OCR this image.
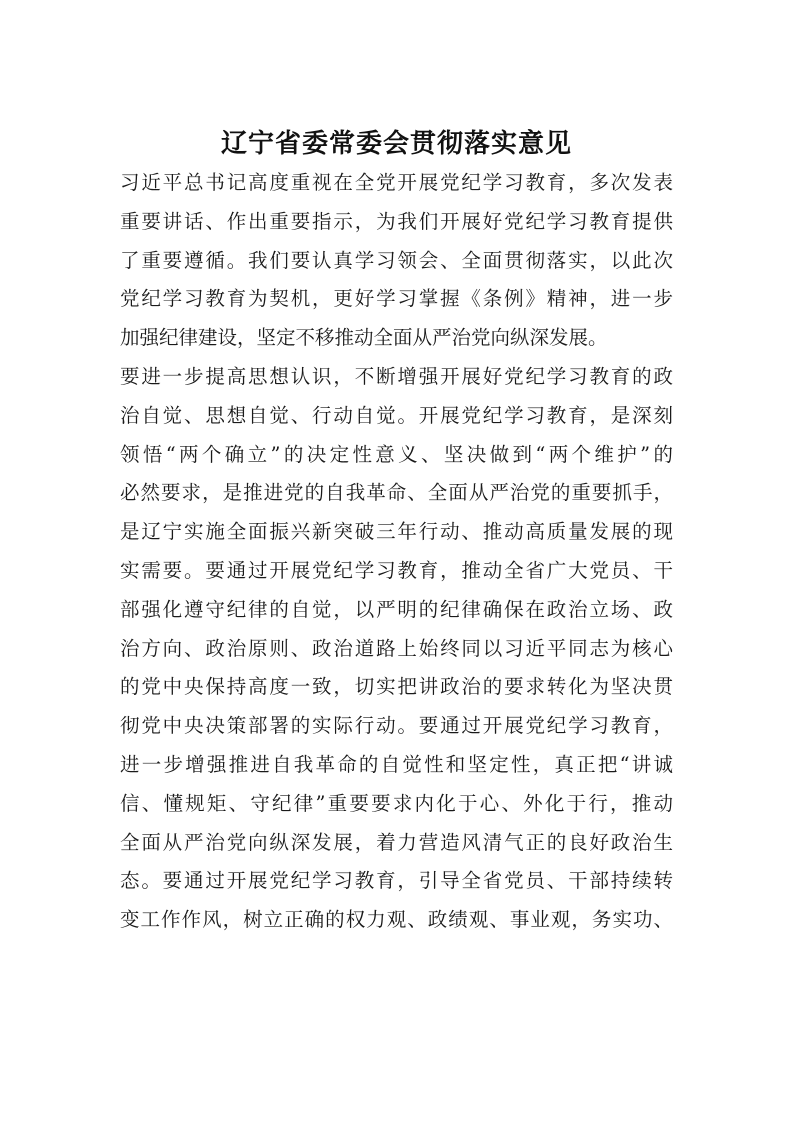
辽宁省委常委会贯彻落实意见
习近平总书记高度重视在全党开展党纪学习教育，多次发表
重要讲话、作出重要指示，为我们开展好党纪学习教育提供
了重要遵循。我们要认真学习领会、全面贯彻落实，以此次
党纪学习教育为契机，更好学习掌握《条例》精神，进一步
加强纪律建设，坚定不移推动全面从严治党向纵深发展。
要进一步提高思想认识，不断增强开展好党纪学习教育的政
治自觉、思想自觉、行动自觉。开展党纪学习教育，是深刻
领悟“两个确立”的决定性意义、坚决做到“两个维护”的
必然要求，是推进党的自我革命、全面从严治党的重要抓手，
是辽宁实施全面振兴新突破三年行动、推动高质量发展的现
实需要。要通过开展党纪学习教育，推动全省广大党员、干
部强化遵守纪律的自觉，以严明的纪律确保在政治立场、政
治方向、政治原则、政治道路上始终同以习近平同志为核心
的党中央保持高度一致，切实把讲政治的要求转化为坚决贯
彻党中央决策部署的实际行动。要通过开展党纪学习教育，
进一步增强推进自我革命的自觉性和坚定性，真正把“讲诚
信、懂规矩、守纪律”重要要求内化于心、外化于行，推动
全面从严治党向纵深发展，着力营造风清气正的良好政治生
态。要通过开展党纪学习教育，引导全省党员、干部持续转
变工作作风，树立正确的权力观、政绩观、事业观，务实功、
